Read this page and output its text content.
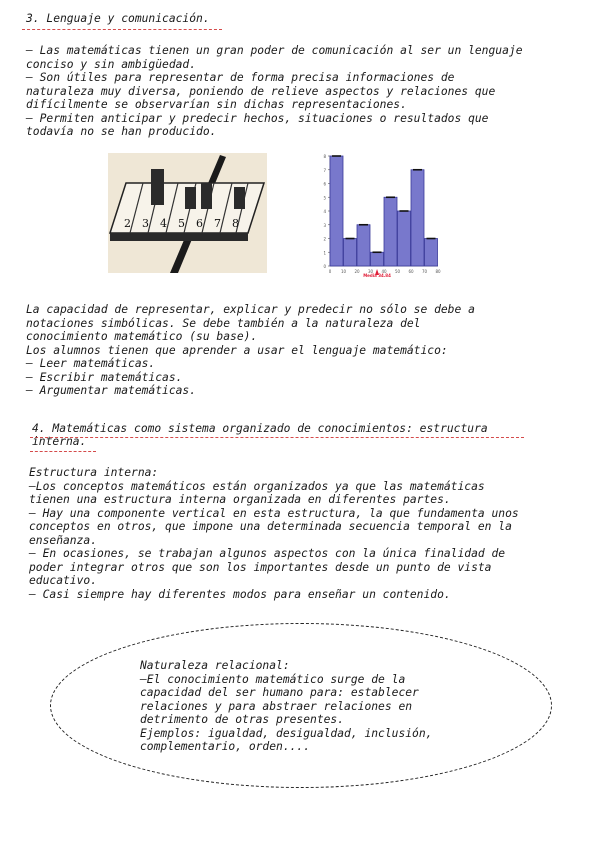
3. Lenguaje y comunicación.
– Las matemáticas tienen un gran poder de comunicación al ser un lenguaje
conciso y sin ambigüedad.
– Son útiles para representar de forma precisa informaciones de
naturaleza muy diversa, poniendo de relieve aspectos y relaciones que
difícilmente se observarían sin dichas representaciones.
– Permiten anticipar y predecir hechos, situaciones o resultados que
todavía no se han producido.
2 3 4 5 6 7 8
0
1
2
3
4
5
6
7
8
0 10 20 30 40 50 60 70 80
Media 34.84
La capacidad de representar, explicar y predecir no sólo se debe a
notaciones simbólicas. Se debe también a la naturaleza del
conocimiento matemático (su base).
Los alumnos tienen que aprender a usar el lenguaje matemático:
– Leer matemáticas.
– Escribir matemáticas.
– Argumentar matemáticas.
4. Matemáticas como sistema organizado de conocimientos: estructura
interna.
Estructura interna:
–Los conceptos matemáticos están organizados ya que las matemáticas
tienen una estructura interna organizada en diferentes partes.
– Hay una componente vertical en esta estructura, la que fundamenta unos
conceptos en otros, que impone una determinada secuencia temporal en la
enseñanza.
– En ocasiones, se trabajan algunos aspectos con la única finalidad de
poder integrar otros que son los importantes desde un punto de vista
educativo.
– Casi siempre hay diferentes modos para enseñar un contenido.
Naturaleza relacional:
–El conocimiento matemático surge de la
capacidad del ser humano para: establecer
relaciones y para abstraer relaciones en
detrimento de otras presentes.
Ejemplos: igualdad, desigualdad, inclusión,
complementario, orden....
